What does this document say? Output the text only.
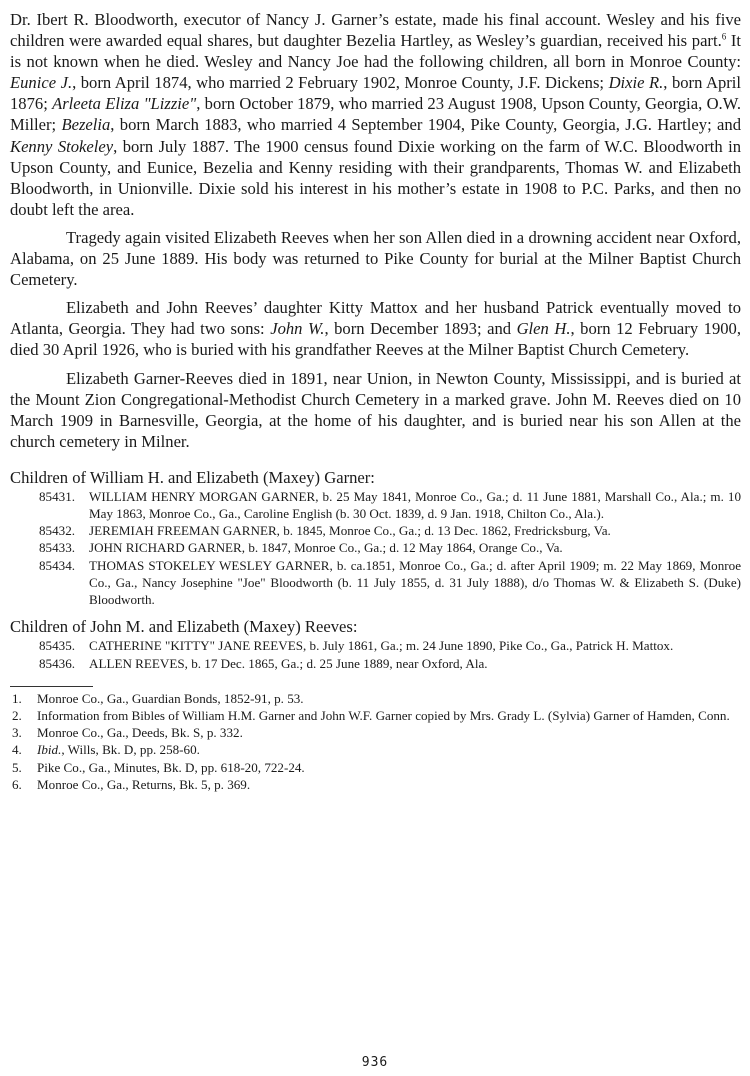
Dr. Ibert R. Bloodworth, executor of Nancy J. Garner’s estate, made his final account. Wesley and his five children were awarded equal shares, but daughter Bezelia Hartley, as Wesley’s guardian, received his part.$^6$ It is not known when he died. Wesley and Nancy Joe had the following children, all born in Monroe County: Eunice J., born April 1874, who married 2 February 1902, Monroe County, J.F. Dickens; Dixie R., born April 1876; Arleeta Eliza "Lizzie", born October 1879, who married 23 August 1908, Upson County, Georgia, O.W. Miller; Bezelia, born March 1883, who married 4 September 1904, Pike County, Georgia, J.G. Hartley; and Kenny Stokeley, born July 1887. The 1900 census found Dixie working on the farm of W.C. Bloodworth in Upson County, and Eunice, Bezelia and Kenny residing with their grandparents, Thomas W. and Elizabeth Bloodworth, in Unionville. Dixie sold his interest in his mother’s estate in 1908 to P.C. Parks, and then no doubt left the area.

Tragedy again visited Elizabeth Reeves when her son Allen died in a drowning accident near Oxford, Alabama, on 25 June 1889. His body was returned to Pike County for burial at the Milner Baptist Church Cemetery.

Elizabeth and John Reeves’ daughter Kitty Mattox and her husband Patrick eventually moved to Atlanta, Georgia. They had two sons: John W., born December 1893; and Glen H., born 12 February 1900, died 30 April 1926, who is buried with his grandfather Reeves at the Milner Baptist Church Cemetery.

Elizabeth Garner-Reeves died in 1891, near Union, in Newton County, Mississippi, and is buried at the Mount Zion Congregational-Methodist Church Cemetery in a marked grave. John M. Reeves died on 10 March 1909 in Barnesville, Georgia, at the home of his daughter, and is buried near his son Allen at the church cemetery in Milner.

Children of William H. and Elizabeth (Maxey) Garner:

85431. WILLIAM HENRY MORGAN GARNER, b. 25 May 1841, Monroe Co., Ga.; d. 11 June 1881, Marshall Co., Ala.; m. 10 May 1863, Monroe Co., Ga., Caroline English (b. 30 Oct. 1839, d. 9 Jan. 1918, Chilton Co., Ala.).
85432. JEREMIAH FREEMAN GARNER, b. 1845, Monroe Co., Ga.; d. 13 Dec. 1862, Fredricksburg, Va.
85433. JOHN RICHARD GARNER, b. 1847, Monroe Co., Ga.; d. 12 May 1864, Orange Co., Va.
85434. THOMAS STOKELEY WESLEY GARNER, b. ca.1851, Monroe Co., Ga.; d. after April 1909; m. 22 May 1869, Monroe Co., Ga., Nancy Josephine "Joe" Bloodworth (b. 11 July 1855, d. 31 July 1888), d/o Thomas W. & Elizabeth S. (Duke) Bloodworth.

Children of John M. and Elizabeth (Maxey) Reeves:

85435. CATHERINE "KITTY" JANE REEVES, b. July 1861, Ga.; m. 24 June 1890, Pike Co., Ga., Patrick H. Mattox.
85436. ALLEN REEVES, b. 17 Dec. 1865, Ga.; d. 25 June 1889, near Oxford, Ala.
1. Monroe Co., Ga., Guardian Bonds, 1852-91, p. 53.
2. Information from Bibles of William H.M. Garner and John W.F. Garner copied by Mrs. Grady L. (Sylvia) Garner of Hamden, Conn.
3. Monroe Co., Ga., Deeds, Bk. S, p. 332.
4. Ibid., Wills, Bk. D, pp. 258-60.
5. Pike Co., Ga., Minutes, Bk. D, pp. 618-20, 722-24.
6. Monroe Co., Ga., Returns, Bk. 5, p. 369.
936
